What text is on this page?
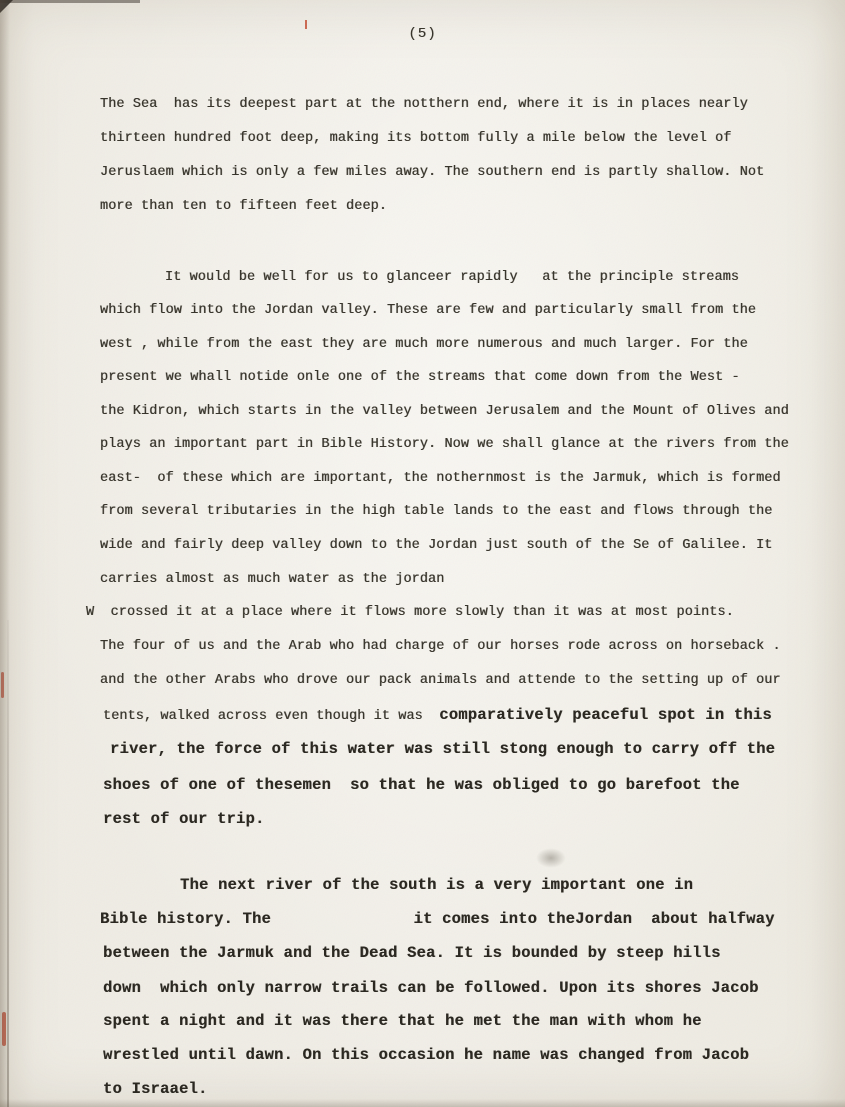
(5)
The Sea  has its deepest part at the notthern end, where it is in places nearly
thirteen hundred foot deep, making its bottom fully a mile below the level of
Jeruslaem which is only a few miles away. The southern end is partly shallow. Not
more than ten to fifteen feet deep.
It would be well for us to glanceer rapidly   at the principle streams
which flow into the Jordan valley. These are few and particularly small from the
west , while from the east they are much more numerous and much larger. For the
present we whall notide onle one of the streams that come down from the West -
the Kidron, which starts in the valley between Jerusalem and the Mount of Olives and
plays an important part in Bible History. Now we shall glance at the rivers from the
east-  of these which are important, the nothernmost is the Jarmuk, which is formed
from several tributaries in the high table lands to the east and flows through the
wide and fairly deep valley down to the Jordan just south of the Se of Galilee. It
carries almost as much water as the jordan
W  crossed it at a place where it flows more slowly than it was at most points.
The four of us and the Arab who had charge of our horses rode across on horseback .
and the other Arabs who drove our pack animals and attende to the setting up of our
tents, walked across even though it was  comparatively peaceful spot in this
river, the force of this water was still stong enough to carry off the
shoes of one of thesemen  so that he was obliged to go barefoot the
rest of our trip.
The next river of the south is a very important one in
Bible history. The               it comes into theJordan  about halfway
between the Jarmuk and the Dead Sea. It is bounded by steep hills
down  which only narrow trails can be followed. Upon its shores Jacob
spent a night and it was there that he met the man with whom he
wrestled until dawn. On this occasion he name was changed from Jacob
to Israael.
